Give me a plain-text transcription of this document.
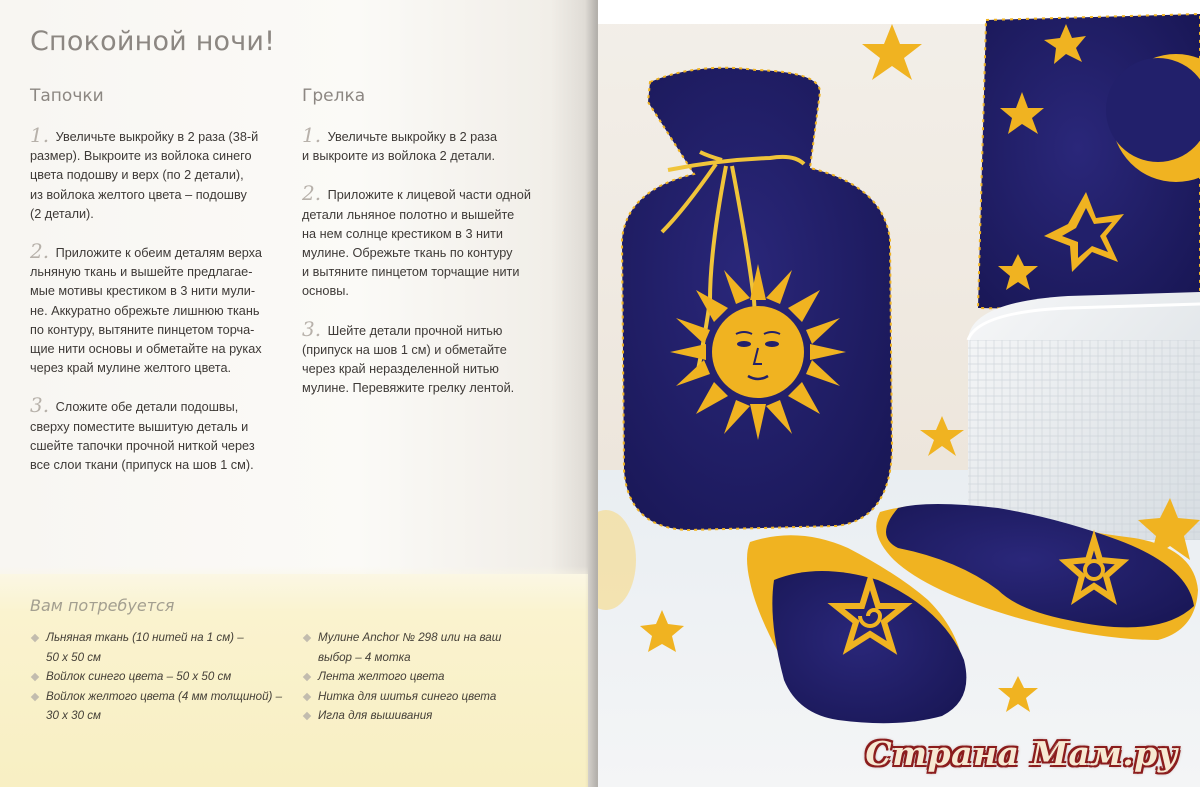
Спокойной ночи!
Тапочки	Грелка
1. Увеличьте выкройку в 2 раза (38-й
размер). Выкроите из войлока синего
цвета подошву и верх (по 2 детали),
из войлока желтого цвета – подошву
(2 детали).
2. Приложите к обеим деталям верха
льняную ткань и вышейте предлагае-
мые мотивы крестиком в 3 нити мули-
не. Аккуратно обрежьте лишнюю ткань
по контуру, вытяните пинцетом торча-
щие нити основы и обметайте на руках
через край мулине желтого цвета.
3. Сложите обе детали подошвы,
сверху поместите вышитую деталь и
сшейте тапочки прочной ниткой через
все слои ткани (припуск на шов 1 см).
1. Увеличьте выкройку в 2 раза
и выкроите из войлока 2 детали.
2. Приложите к лицевой части одной
детали льняное полотно и вышейте
на нем солнце крестиком в 3 нити
мулине. Обрежьте ткань по контуру
и вытяните пинцетом торчащие нити
основы.
3. Шейте детали прочной нитью
(припуск на шов 1 см) и обметайте
через край неразделенной нитью
мулине. Перевяжите грелку лентой.
Вам потребуется
Льняная ткань (10 нитей на 1 см) –
50 x 50 см
Войлок синего цвета – 50 x 50 см
Войлок желтого цвета (4 мм толщиной) –
30 x 30 см
Мулине Anchor № 298 или на ваш
выбор – 4 мотка
Лента желтого цвета
Нитка для шитья синего цвета
Игла для вышивания
Страна Мам.ру
